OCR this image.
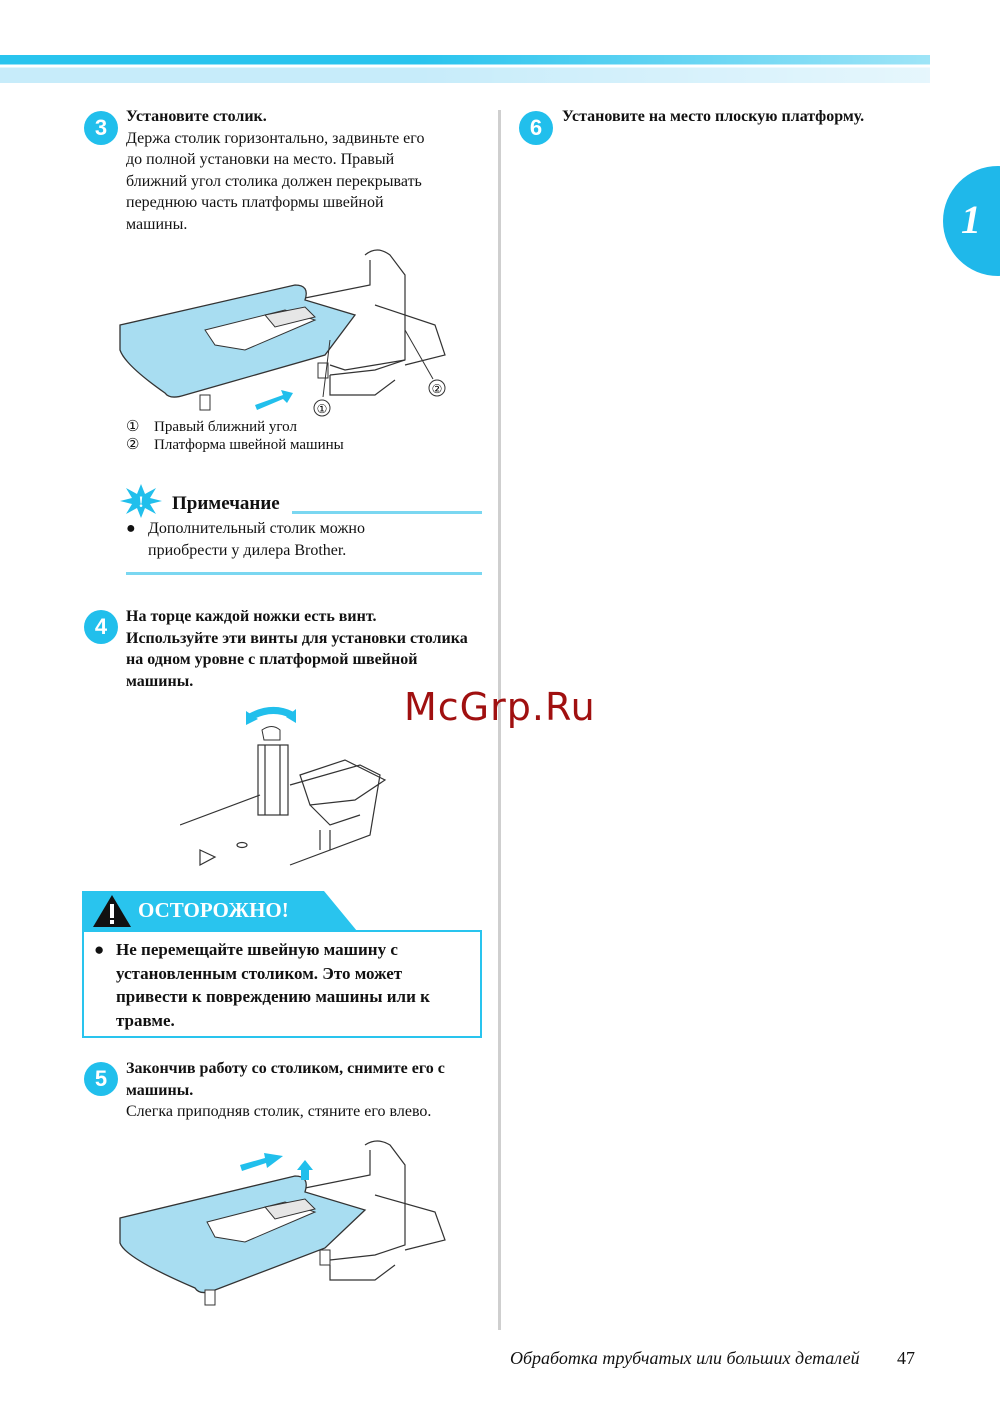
1
3	Установите столик.
Держа столик горизонтально, задвиньте его
до полной установки на место. Правый
ближний угол столика должен перекрывать
переднюю часть платформы швейной
машины.
①
②
① Правый ближний угол
② Платформа швейной машины
! Примечание
● Дополнительный столик можно
приобрести у дилера Brother.
4	На торце каждой ножки есть винт.
Используйте эти винты для установки столика
на одном уровне с платформой швейной
машины.
ОСТОРОЖНО!
● Не перемещайте швейную машину с
установленным столиком. Это может
привести к повреждению машины или к
травме.
5	Закончив работу со столиком, снимите его с
машины.
Слегка приподняв столик, стяните его влево.
6	Установите на место плоскую платформу.
McGrp.Ru
Обработка трубчатых или больших деталей 47
